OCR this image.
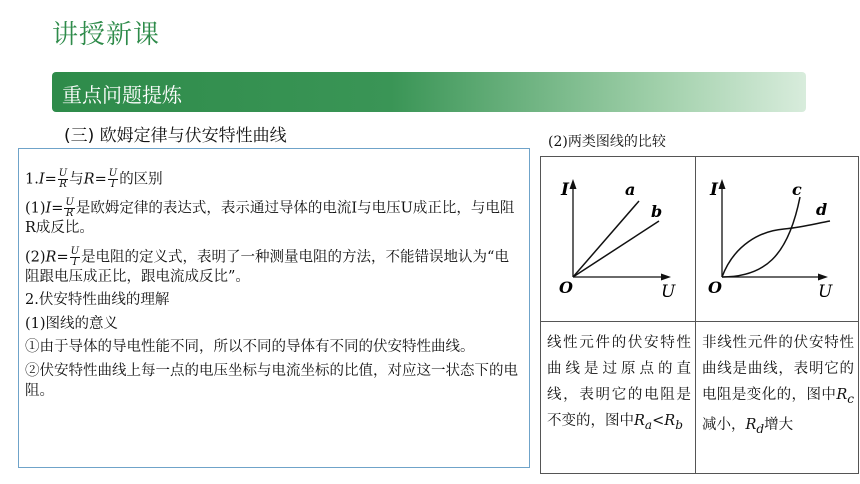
讲授新课
重点问题提炼
(三) 欧姆定律与伏安特性曲线
$1.I= \frac{U}{R}$ 与$R= \frac{U}{I}$ 的区别
$(1)I= \frac{U}{R}$ 是欧姆定律的表达式，表示通过导体的电流I与电压U成正比，与电阻R成反比。
$(2)R= \frac{U}{I}$ 是电阻的定义式，表明了一种测量电阻的方法，不能错误地认为“电阻跟电压成正比，跟电流成反比”。
2.伏安特性曲线的理解
(1)图线的意义
①由于导体的导电性能不同，所以不同的导体有不同的伏安特性曲线。
②伏安特性曲线上每一点的电压坐标与电流坐标的比值，对应这一状态下的电阻。
(2)两类图线的比较
I
U
O
a
b	I
U
O
c
d

线性元件的伏安特性曲线是过原点的直线，表明它的电阻是不变的，图中$R_a<R_b$	非线性元件的伏安特性曲线是曲线，表明它的电阻是变化的，图中$R_c$减小，$R_d$增大
